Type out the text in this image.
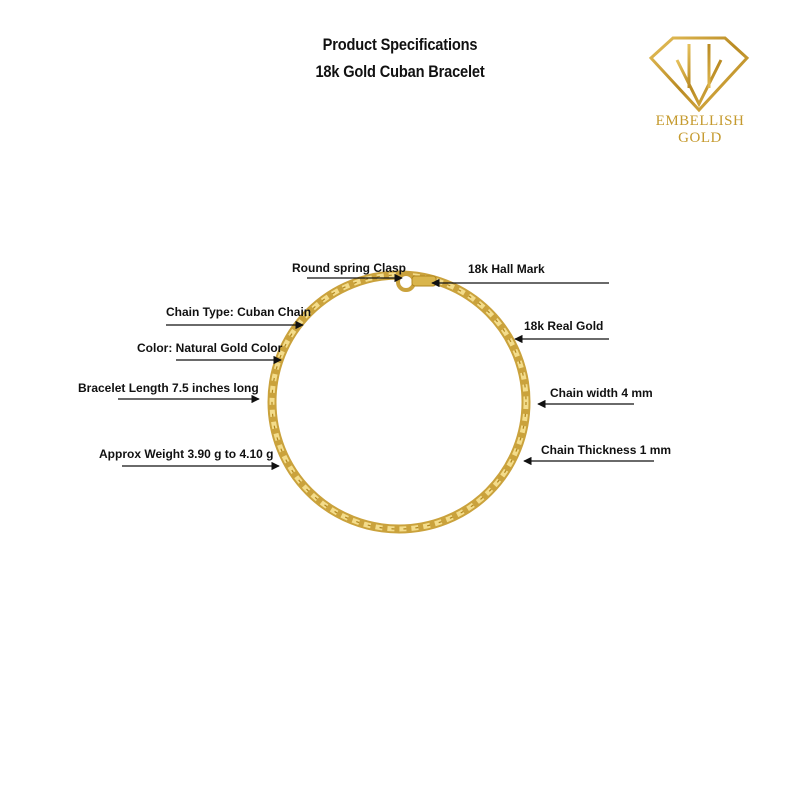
Product Specifications
18k Gold Cuban Bracelet
EMBELLISH
GOLD
Chain Type: Cuban Chain
Color: Natural Gold Color
Bracelet Length 7.5 inches long
Approx Weight 3.90 g to 4.10 g
Round spring Clasp	18k Hall Mark
18k Real Gold
Chain width 4 mm
Chain Thickness 1 mm
